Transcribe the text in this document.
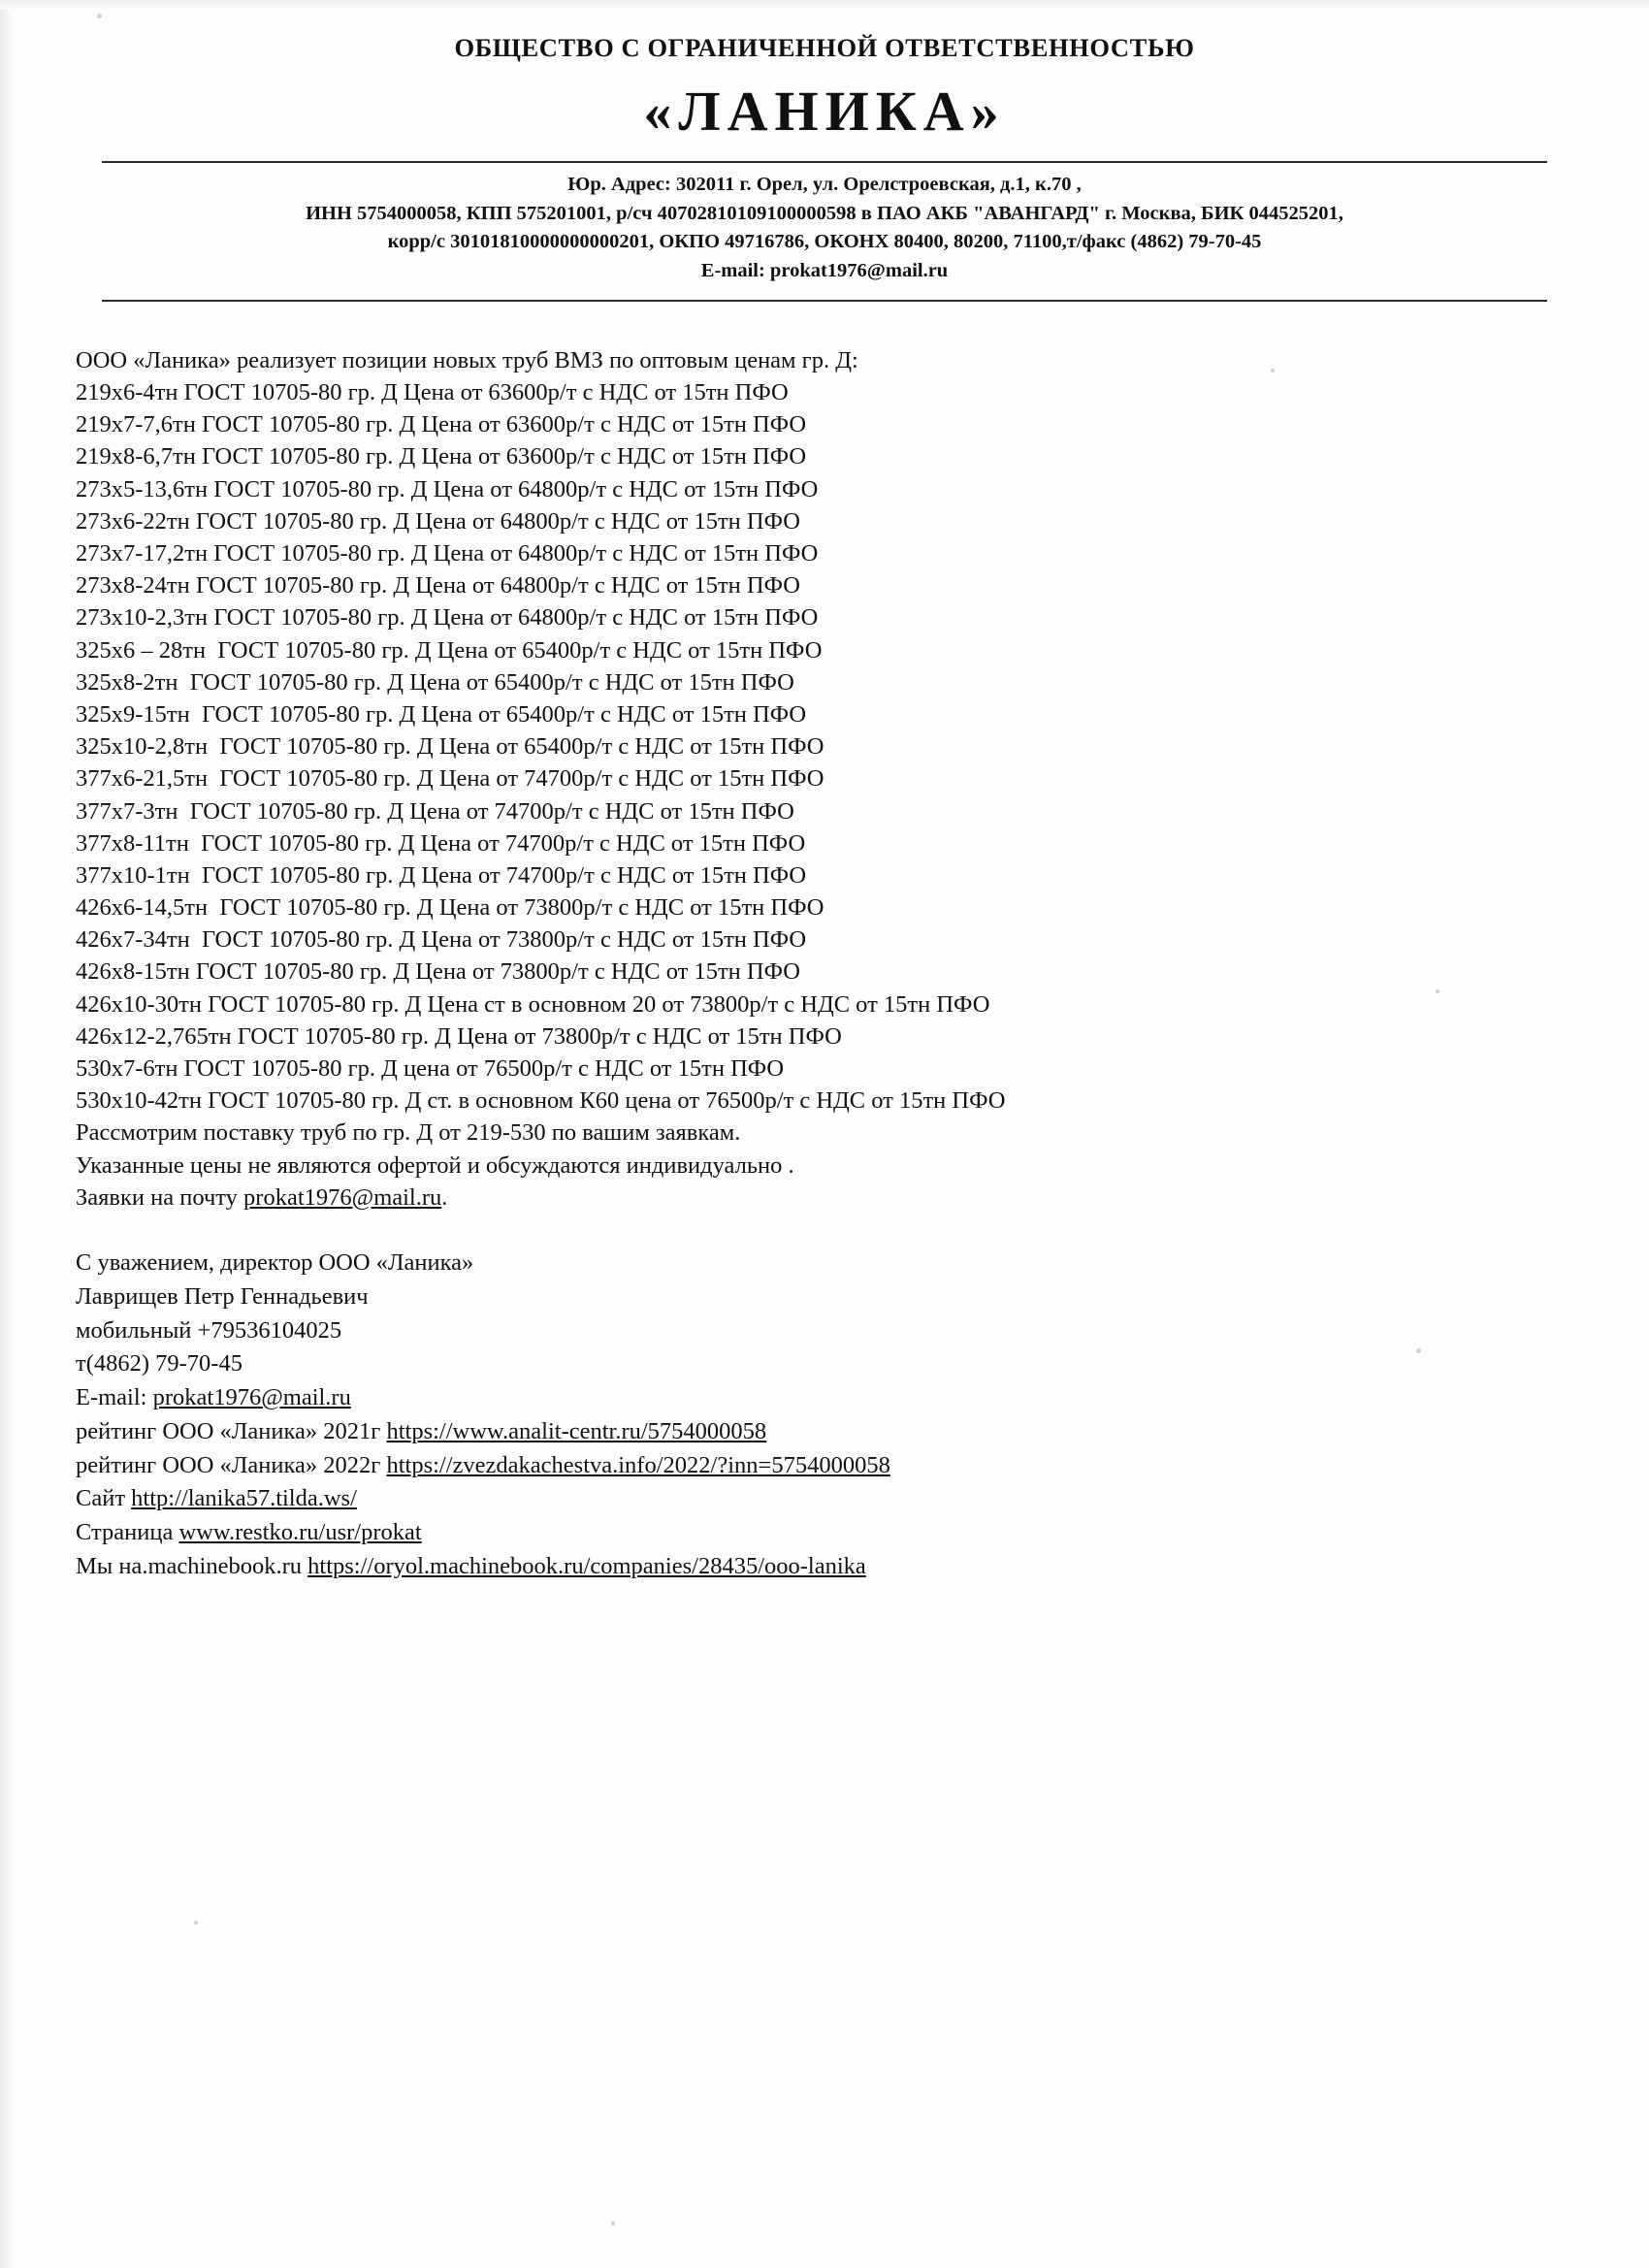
ОБЩЕСТВО С ОГРАНИЧЕННОЙ ОТВЕТСТВЕННОСТЬЮ
«ЛАНИКА»
Юр. Адрес: 302011 г. Орел, ул. Орелстроевская, д.1, к.70 ,
ИНН 5754000058, КПП 575201001, р/сч 40702810109100000598 в ПАО АКБ "АВАНГАРД" г. Москва, БИК 044525201,
корр/с 30101810000000000201, ОКПО 49716786, ОКОНХ 80400, 80200, 71100,т/факс (4862) 79-70-45
E-mail: prokat1976@mail.ru
ООО «Ланика» реализует позиции новых труб ВМЗ по оптовым ценам гр. Д:
219х6-4тн ГОСТ 10705-80 гр. Д Цена от 63600р/т с НДС от 15тн ПФО
219х7-7,6тн ГОСТ 10705-80 гр. Д Цена от 63600р/т с НДС от 15тн ПФО
219х8-6,7тн ГОСТ 10705-80 гр. Д Цена от 63600р/т с НДС от 15тн ПФО
273х5-13,6тн ГОСТ 10705-80 гр. Д Цена от 64800р/т с НДС от 15тн ПФО
273х6-22тн ГОСТ 10705-80 гр. Д Цена от 64800р/т с НДС от 15тн ПФО
273х7-17,2тн ГОСТ 10705-80 гр. Д Цена от 64800р/т с НДС от 15тн ПФО
273х8-24тн ГОСТ 10705-80 гр. Д Цена от 64800р/т с НДС от 15тн ПФО
273х10-2,3тн ГОСТ 10705-80 гр. Д Цена от 64800р/т с НДС от 15тн ПФО
325х6 – 28тн  ГОСТ 10705-80 гр. Д Цена от 65400р/т с НДС от 15тн ПФО
325х8-2тн  ГОСТ 10705-80 гр. Д Цена от 65400р/т с НДС от 15тн ПФО
325х9-15тн  ГОСТ 10705-80 гр. Д Цена от 65400р/т с НДС от 15тн ПФО
325х10-2,8тн  ГОСТ 10705-80 гр. Д Цена от 65400р/т с НДС от 15тн ПФО
377х6-21,5тн  ГОСТ 10705-80 гр. Д Цена от 74700р/т с НДС от 15тн ПФО
377х7-3тн  ГОСТ 10705-80 гр. Д Цена от 74700р/т с НДС от 15тн ПФО
377х8-11тн  ГОСТ 10705-80 гр. Д Цена от 74700р/т с НДС от 15тн ПФО
377х10-1тн  ГОСТ 10705-80 гр. Д Цена от 74700р/т с НДС от 15тн ПФО
426х6-14,5тн  ГОСТ 10705-80 гр. Д Цена от 73800р/т с НДС от 15тн ПФО
426х7-34тн  ГОСТ 10705-80 гр. Д Цена от 73800р/т с НДС от 15тн ПФО
426х8-15тн ГОСТ 10705-80 гр. Д Цена от 73800р/т с НДС от 15тн ПФО
426х10-30тн ГОСТ 10705-80 гр. Д Цена ст в основном 20 от 73800р/т с НДС от 15тн ПФО
426х12-2,765тн ГОСТ 10705-80 гр. Д Цена от 73800р/т с НДС от 15тн ПФО
530х7-6тн ГОСТ 10705-80 гр. Д цена от 76500р/т с НДС от 15тн ПФО
530х10-42тн ГОСТ 10705-80 гр. Д ст. в основном К60 цена от 76500р/т с НДС от 15тн ПФО
Рассмотрим поставку труб по гр. Д от 219-530 по вашим заявкам.
Указанные цены не являются офертой и обсуждаются индивидуально .
Заявки на почту prokat1976@mail.ru.
С уважением, директор ООО «Ланика»
Лаврищев Петр Геннадьевич
мобильный +79536104025
т(4862) 79-70-45
E-mail: prokat1976@mail.ru
рейтинг ООО «Ланика» 2021г https://www.analit-centr.ru/5754000058
рейтинг ООО «Ланика» 2022г https://zvezdakachestva.info/2022/?inn=5754000058
Сайт http://lanika57.tilda.ws/
Страница www.restko.ru/usr/prokat
Мы на.machinebook.ru https://oryol.machinebook.ru/companies/28435/ooo-lanika
